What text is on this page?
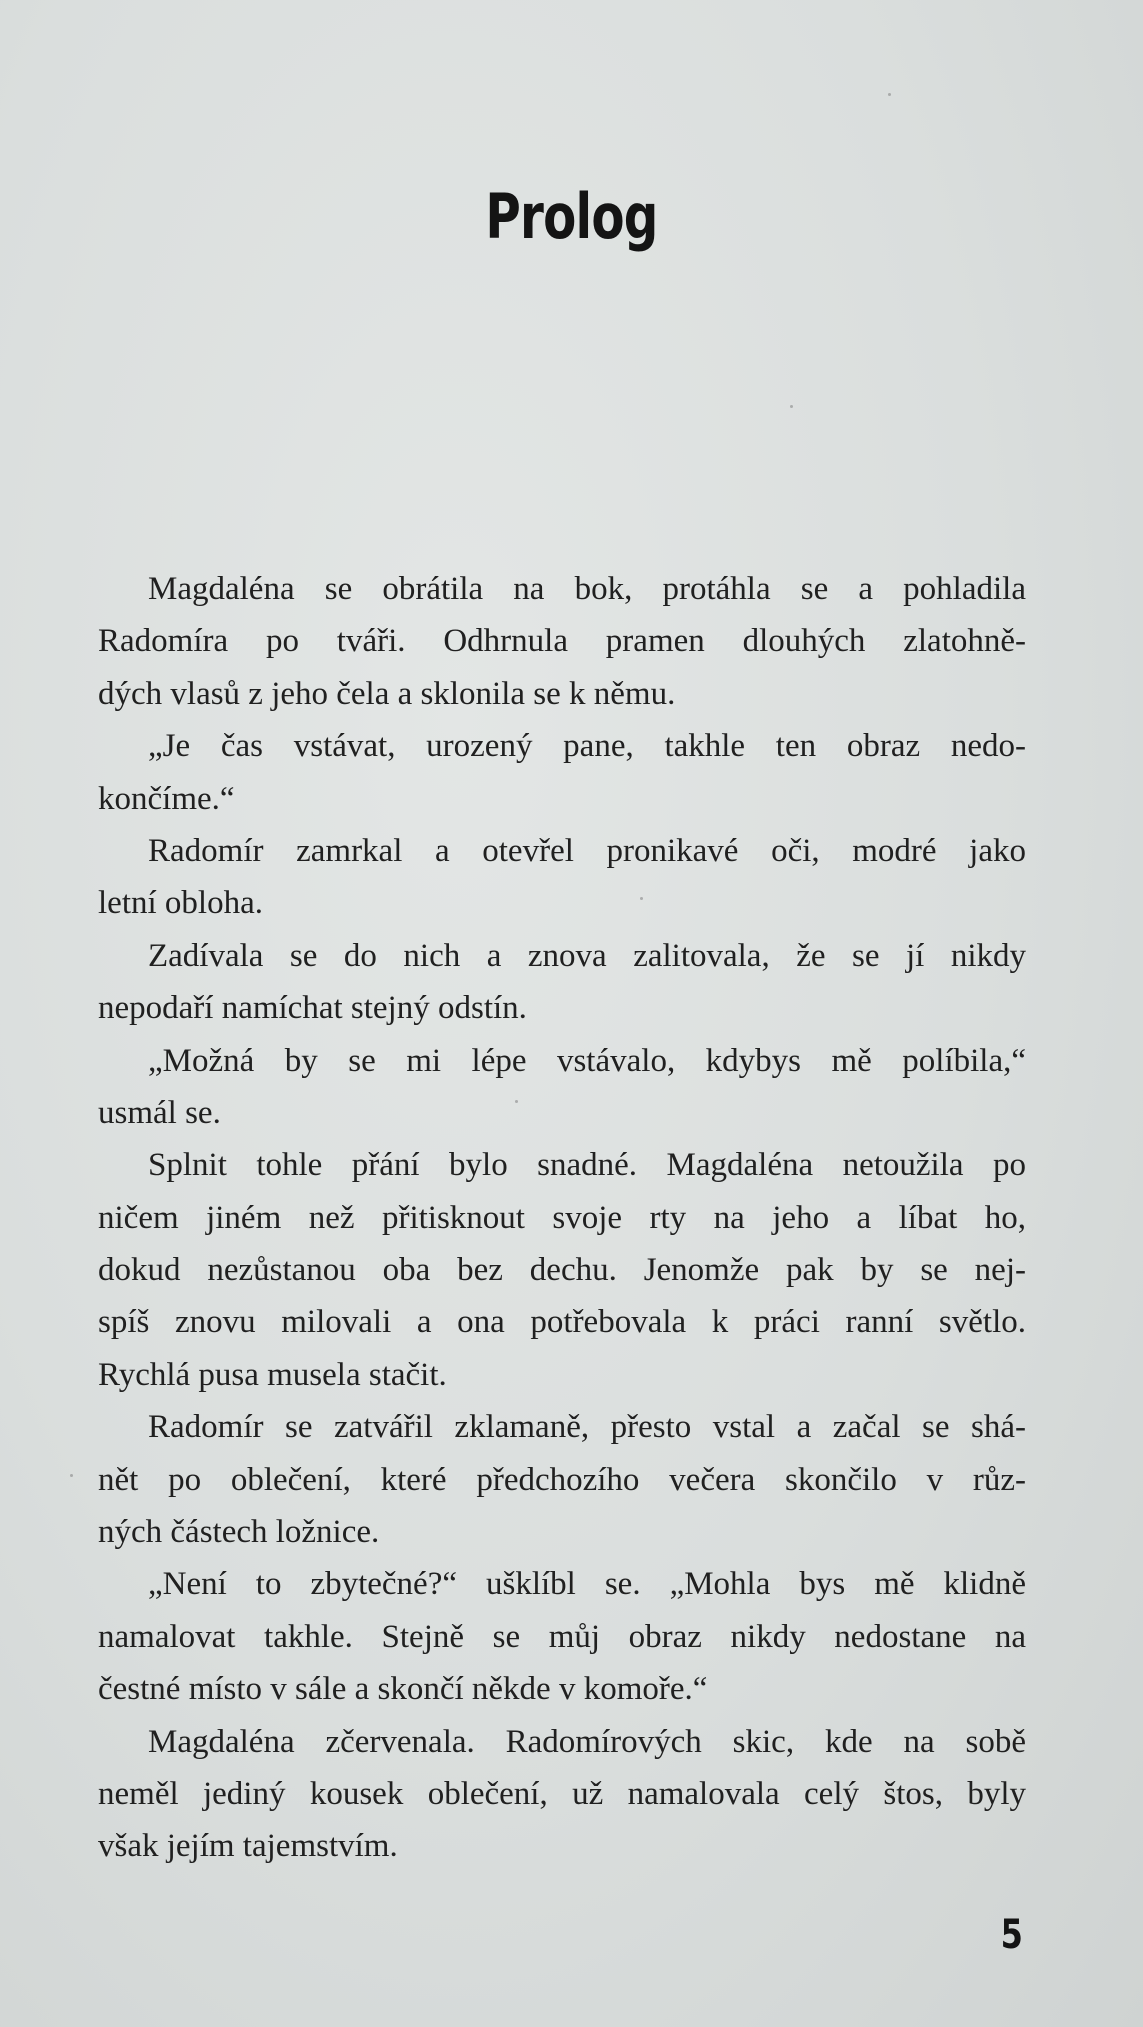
Prolog
Magdaléna se obrátila na bok, protáhla se a pohladila
Radomíra po tváři. Odhrnula pramen dlouhých zlatohně-
dých vlasů z jeho čela a sklonila se k němu.
„Je čas vstávat, urozený pane, takhle ten obraz nedo-
končíme.“
Radomír zamrkal a otevřel pronikavé oči, modré jako
letní obloha.
Zadívala se do nich a znova zalitovala, že se jí nikdy
nepodaří namíchat stejný odstín.
„Možná by se mi lépe vstávalo, kdybys mě políbila,“
usmál se.
Splnit tohle přání bylo snadné. Magdaléna netoužila po
ničem jiném než přitisknout svoje rty na jeho a líbat ho,
dokud nezůstanou oba bez dechu. Jenomže pak by se nej-
spíš znovu milovali a ona potřebovala k práci ranní světlo.
Rychlá pusa musela stačit.
Radomír se zatvářil zklamaně, přesto vstal a začal se shá-
nět po oblečení, které předchozího večera skončilo v růz-
ných částech ložnice.
„Není to zbytečné?“ ušklíbl se. „Mohla bys mě klidně
namalovat takhle. Stejně se můj obraz nikdy nedostane na
čestné místo v sále a skončí někde v komoře.“
Magdaléna zčervenala. Radomírových skic, kde na sobě
neměl jediný kousek oblečení, už namalovala celý štos, byly
však jejím tajemstvím.
5
